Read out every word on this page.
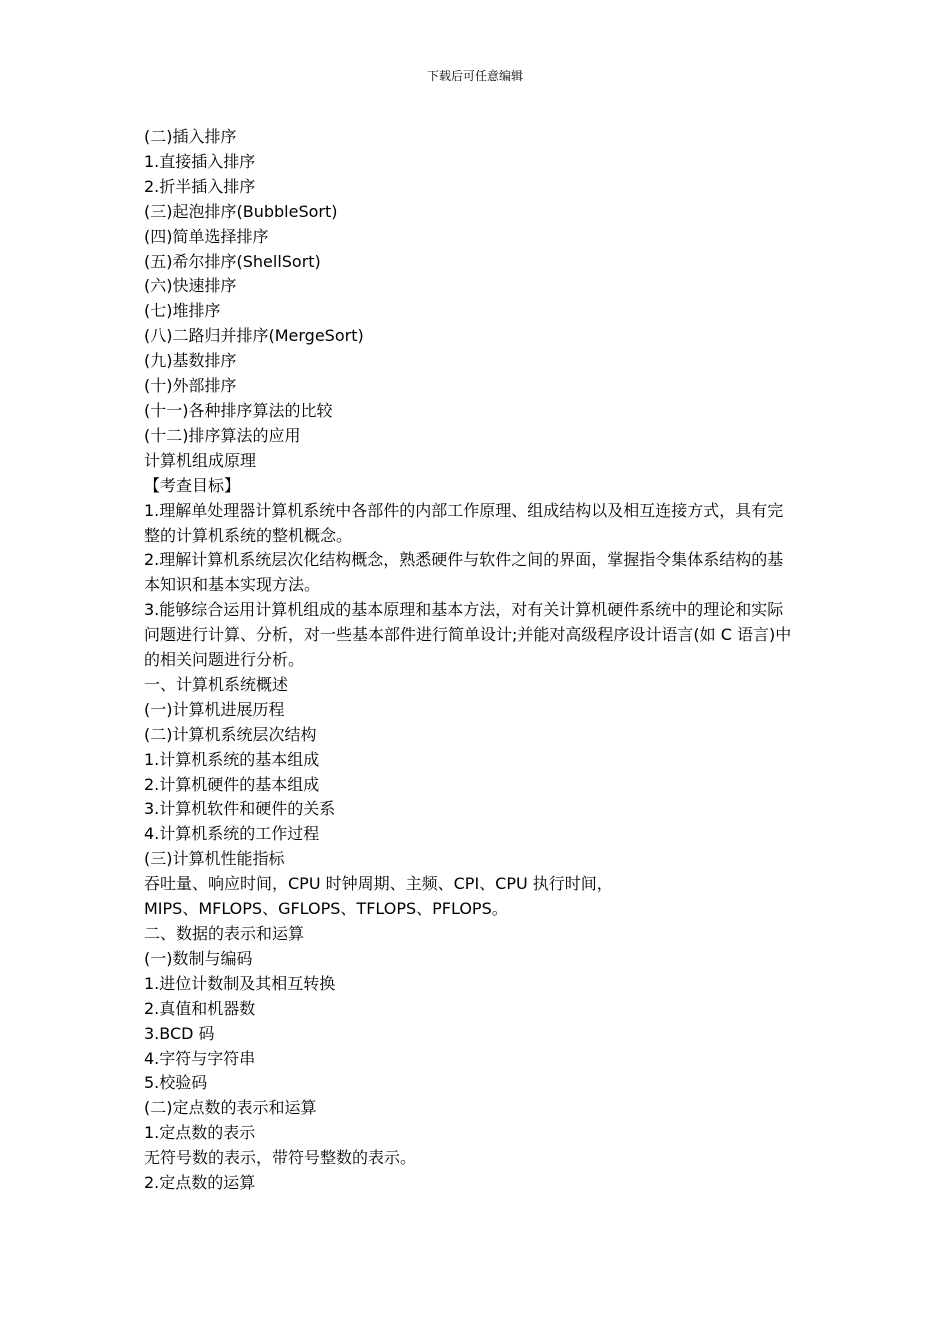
下载后可任意编辑

(二)插入排序

1.直接插入排序

2.折半插入排序

(三)起泡排序(BubbleSort)

(四)简单选择排序

(五)希尔排序(ShellSort)

(六)快速排序

(七)堆排序

(八)二路归并排序(MergeSort)

(九)基数排序

(十)外部排序

(十一)各种排序算法的比较

(十二)排序算法的应用

计算机组成原理

【考查目标】

1.理解单处理器计算机系统中各部件的内部工作原理、组成结构以及相互连接方式，具有完整的计算机系统的整机概念。

2.理解计算机系统层次化结构概念，熟悉硬件与软件之间的界面，掌握指令集体系结构的基本知识和基本实现方法。

3.能够综合运用计算机组成的基本原理和基本方法，对有关计算机硬件系统中的理论和实际问题进行计算、分析，对一些基本部件进行简单设计;并能对高级程序设计语言(如 C 语言)中的相关问题进行分析。

一、计算机系统概述

(一)计算机进展历程

(二)计算机系统层次结构

1.计算机系统的基本组成

2.计算机硬件的基本组成

3.计算机软件和硬件的关系

4.计算机系统的工作过程

(三)计算机性能指标

吞吐量、响应时间，CPU 时钟周期、主频、CPI、CPU 执行时间，

MIPS、MFLOPS、GFLOPS、TFLOPS、PFLOPS。

二、数据的表示和运算

(一)数制与编码

1.进位计数制及其相互转换

2.真值和机器数

3.BCD 码

4.字符与字符串

5.校验码

(二)定点数的表示和运算

1.定点数的表示

无符号数的表示，带符号整数的表示。

2.定点数的运算
